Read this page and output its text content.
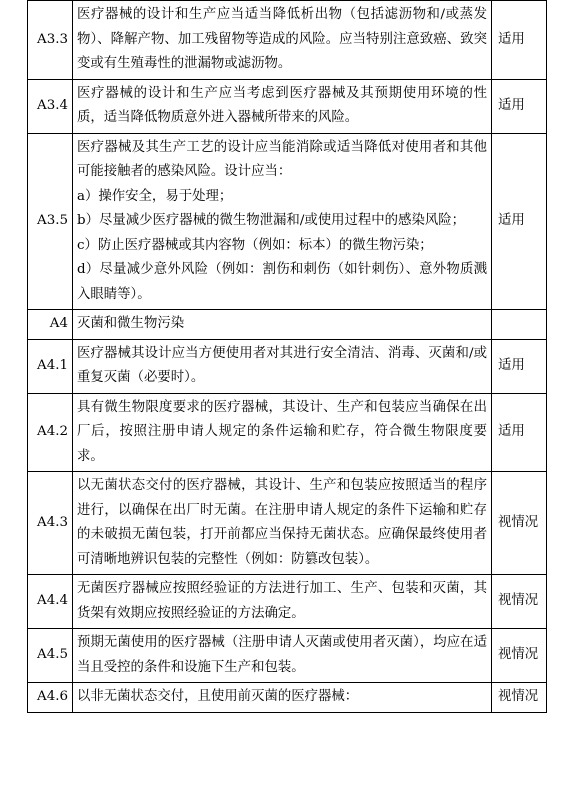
A3.3	医疗器械的设计和生产应当适当降低析出物（包括滤沥物和/或蒸发物）、降解产物、加工残留物等造成的风险。应当特别注意致癌、致突变或有生殖毒性的泄漏物或滤沥物。	适用
A3.4	医疗器械的设计和生产应当考虑到医疗器械及其预期使用环境的性质，适当降低物质意外进入器械所带来的风险。	适用
A3.5	医疗器械及其生产工艺的设计应当能消除或适当降低对使用者和其他可能接触者的感染风险。设计应当：

a）操作安全，易于处理；

b）尽量减少医疗器械的微生物泄漏和/或使用过程中的感染风险；

c）防止医疗器械或其内容物（例如：标本）的微生物污染；

d）尽量减少意外风险（例如：割伤和刺伤（如针刺伤）、意外物质溅入眼睛等）。	适用
A4	灭菌和微生物污染	

A4.1	医疗器械其设计应当方便使用者对其进行安全清洁、消毒、灭菌和/或重复灭菌（必要时）。	适用
A4.2	具有微生物限度要求的医疗器械，其设计、生产和包装应当确保在出厂后，按照注册申请人规定的条件运输和贮存，符合微生物限度要求。	适用
A4.3	以无菌状态交付的医疗器械，其设计、生产和包装应按照适当的程序进行，以确保在出厂时无菌。在注册申请人规定的条件下运输和贮存的未破损无菌包装，打开前都应当保持无菌状态。应确保最终使用者可清晰地辨识包装的完整性（例如：防篡改包装）。	视情况
A4.4	无菌医疗器械应按照经验证的方法进行加工、生产、包装和灭菌，其货架有效期应按照经验证的方法确定。	视情况
A4.5	预期无菌使用的医疗器械（注册申请人灭菌或使用者灭菌），均应在适当且受控的条件和设施下生产和包装。	视情况
A4.6	以非无菌状态交付，且使用前灭菌的医疗器械：	视情况
